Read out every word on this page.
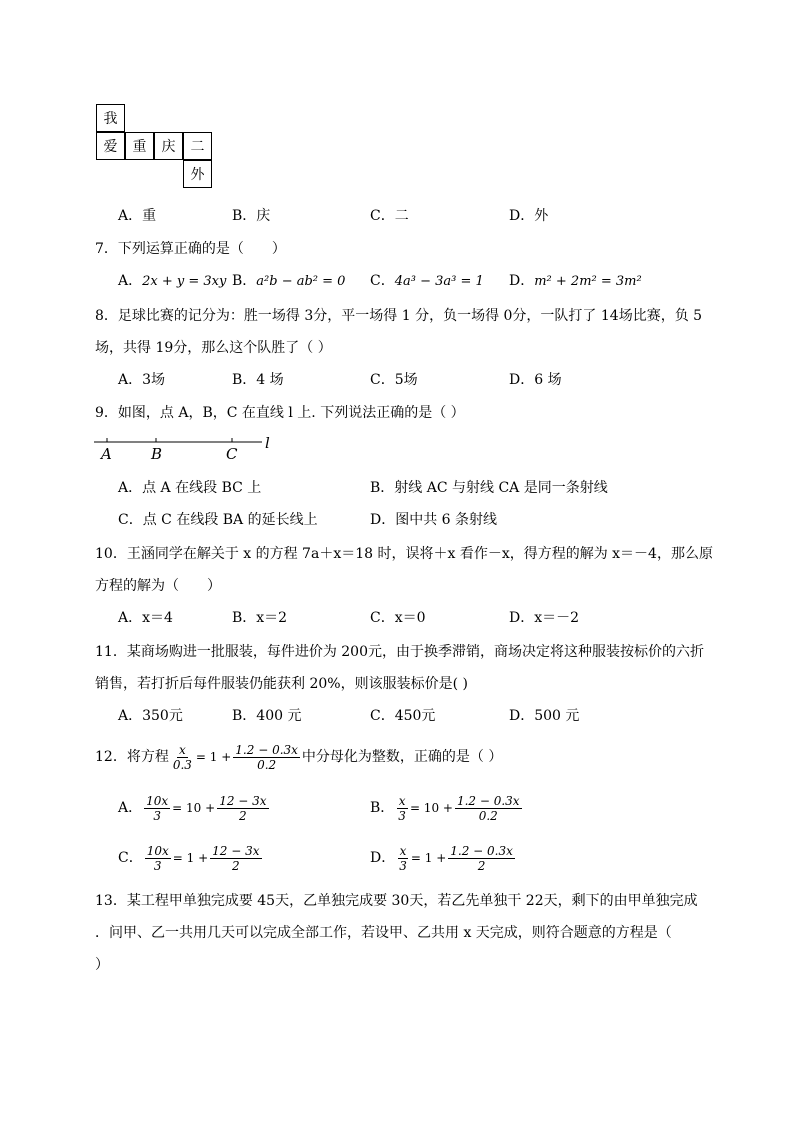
我
爱	重	庆	二
外
A．重	B．庆	C．二	D．外
7．下列运算正确的是（　　）
A．2x + y = 3xy B．a²b − ab² = 0 C．4a³ − 3a³ = 1 D．m² + 2m² = 3m²
8．足球比赛的记分为：胜一场得 3分，平一场得 1 分，负一场得 0分，一队打了 14场比赛，负 5
场，共得 19分，那么这个队胜了（ ）
A．3场	B．4 场	C．5场	D．6 场
9．如图，点 A，B，C 在直线 l 上. 下列说法正确的是（ ）
A	B	C
l
A．点 A 在线段 BC 上	B．射线 AC 与射线 CA 是同一条射线
C．点 C 在线段 BA 的延长线上	D．图中共 6 条射线
10．王涵同学在解关于 x 的方程 7a＋x＝18 时，误将＋x 看作－x，得方程的解为 x＝－4，那么原
方程的解为（　　）
A．x＝4	B．x＝2	C．x＝0	D．x＝－2
11．某商场购进一批服装，每件进价为 200元，由于换季滞销，商场决定将这种服装按标价的六折
销售，若打折后每件服装仍能获利 20%，则该服装标价是( )
A．350元	B．400 元	C．450元	D．500 元
12．将方程 $\frac{x}{0.3} = 1 + \frac{1.2 - 0.3x}{0.2}$ 中分母化为整数，正确的是（ ）
A． $\frac{10x}{3} = 10 + \frac{12 - 3x}{2}$	B． $\frac{x}{3} = 10 + \frac{1.2 - 0.3x}{0.2}$
C． $\frac{10x}{3} = 1 + \frac{12 - 3x}{2}$	D． $\frac{x}{3} = 1 + \frac{1.2 - 0.3x}{2}$
13．某工程甲单独完成要 45天，乙单独完成要 30天，若乙先单独干 22天，剩下的由甲单独完成
．问甲、乙一共用几天可以完成全部工作，若设甲、乙共用 x 天完成，则符合题意的方程是（
）
